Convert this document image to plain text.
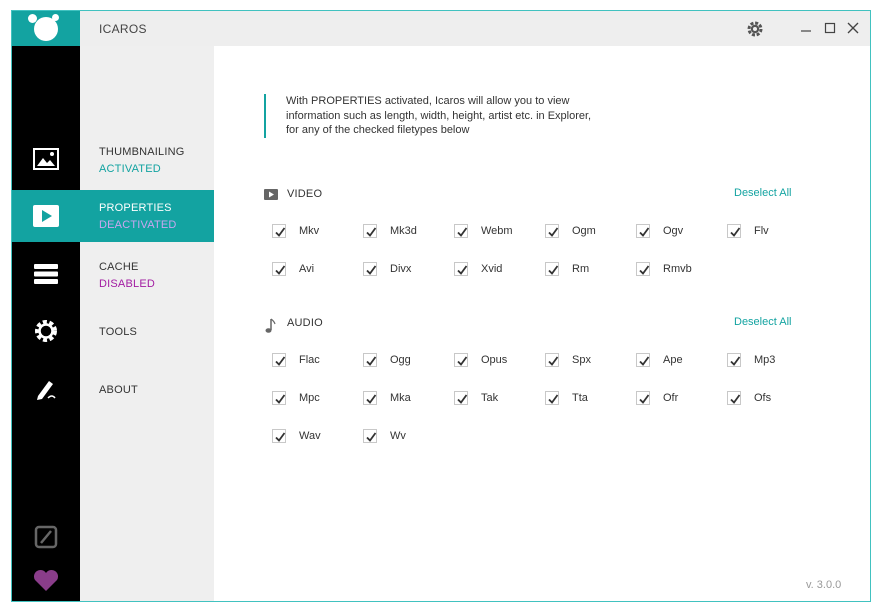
ICAROS
THUMBNAILING
ACTIVATED
PROPERTIES
DEACTIVATED
CACHE
DISABLED
TOOLS
ABOUT
With PROPERTIES activated, Icaros will allow you to view
information such as length, width, height, artist etc. in Explorer,
for any of the checked filetypes below
VIDEO	Deselect All
Mkv	Mk3d	Webm	Ogm	Ogv	Flv
Avi	Divx	Xvid	Rm	Rmvb
AUDIO	Deselect All
Flac	Ogg	Opus	Spx	Ape	Mp3
Mpc	Mka	Tak	Tta	Ofr	Ofs
Wav	Wv
v. 3.0.0
